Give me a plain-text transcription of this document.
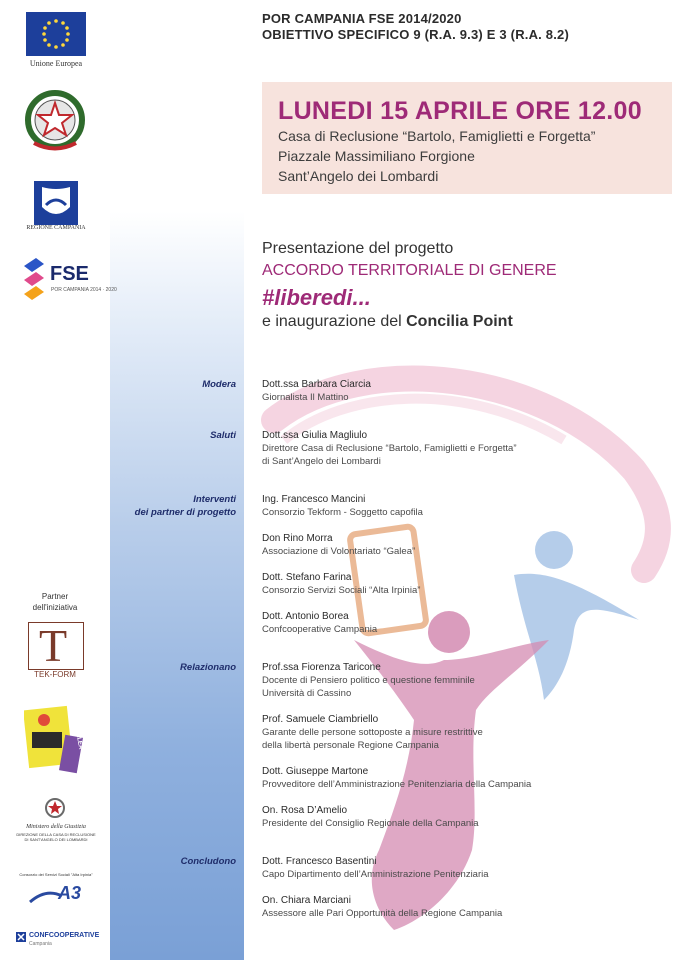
Unione Europea
REGIONE CAMPANIA
FSE
POR CAMPANIA 2014 · 2020
Partner
dell'iniziativa
T
TEK-FORM
GALEA
Ministero della Giustizia
DIREZIONE DELLA CASA DI RECLUSIONE DI SANT'ANGELO DEI LOMBARDI
Consorzio dei Servizi Sociali "Alta Irpinia"
A3
CONFCOOPERATIVE
Campania
POR CAMPANIA FSE 2014/2020
OBIETTIVO SPECIFICO 9 (R.A. 9.3) E 3 (R.A. 8.2)
LUNEDI 15 APRILE ORE 12.00
Casa di Reclusione “Bartolo, Famiglietti e Forgetta”
Piazzale Massimiliano Forgione
Sant’Angelo dei Lombardi
Presentazione del progetto
ACCORDO TERRITORIALE DI GENERE
#liberedi...
e inaugurazione del Concilia Point
Modera	Dott.ssa Barbara Ciarcia
Giornalista Il Mattino
Saluti	Dott.ssa Giulia Magliulo
Direttore Casa di Reclusione “Bartolo, Famiglietti e Forgetta”
di Sant’Angelo dei Lombardi
Interventi
dei partner di progetto
Ing. Francesco Mancini
Consorzio Tekform - Soggetto capofila
Don Rino Morra
Associazione di Volontariato “Galea”
Dott. Stefano Farina
Consorzio Servizi Sociali “Alta Irpinia”
Dott. Antonio Borea
Confcooperative Campania
Relazionano	Prof.ssa Fiorenza Taricone
Docente di Pensiero politico e questione femminile
Università di Cassino
Prof. Samuele Ciambriello
Garante delle persone sottoposte a misure restrittive
della libertà personale Regione Campania
Dott. Giuseppe Martone
Provveditore dell’Amministrazione Penitenziaria della Campania
On. Rosa D’Amelio
Presidente del Consiglio Regionale della Campania
Concludono	Dott. Francesco Basentini
Capo Dipartimento dell’Amministrazione Penitenziaria
On. Chiara Marciani
Assessore alle Pari Opportunità della Regione Campania
